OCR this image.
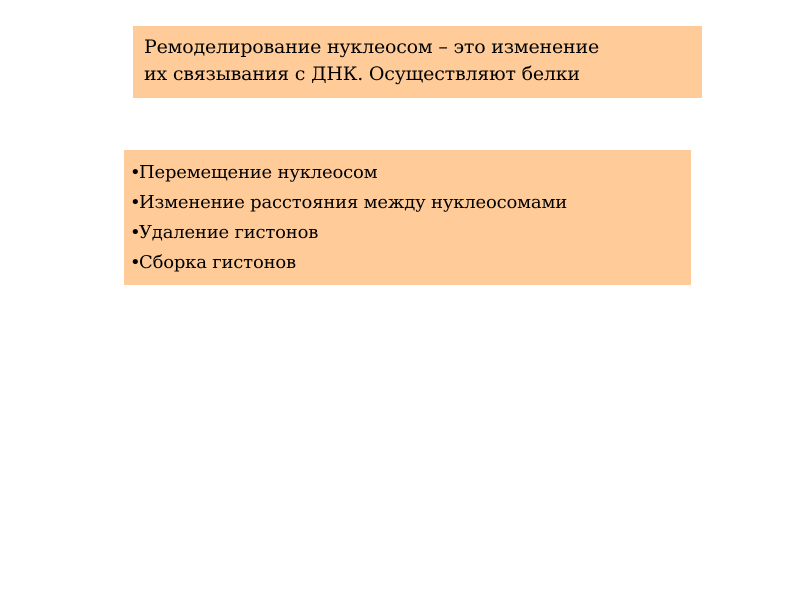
Ремоделирование нуклеосом – это изменение
их связывания с ДНК. Осуществляют белки
•Перемещение нуклеосом
•Изменение расстояния между нуклеосомами
•Удаление гистонов
•Сборка гистонов
